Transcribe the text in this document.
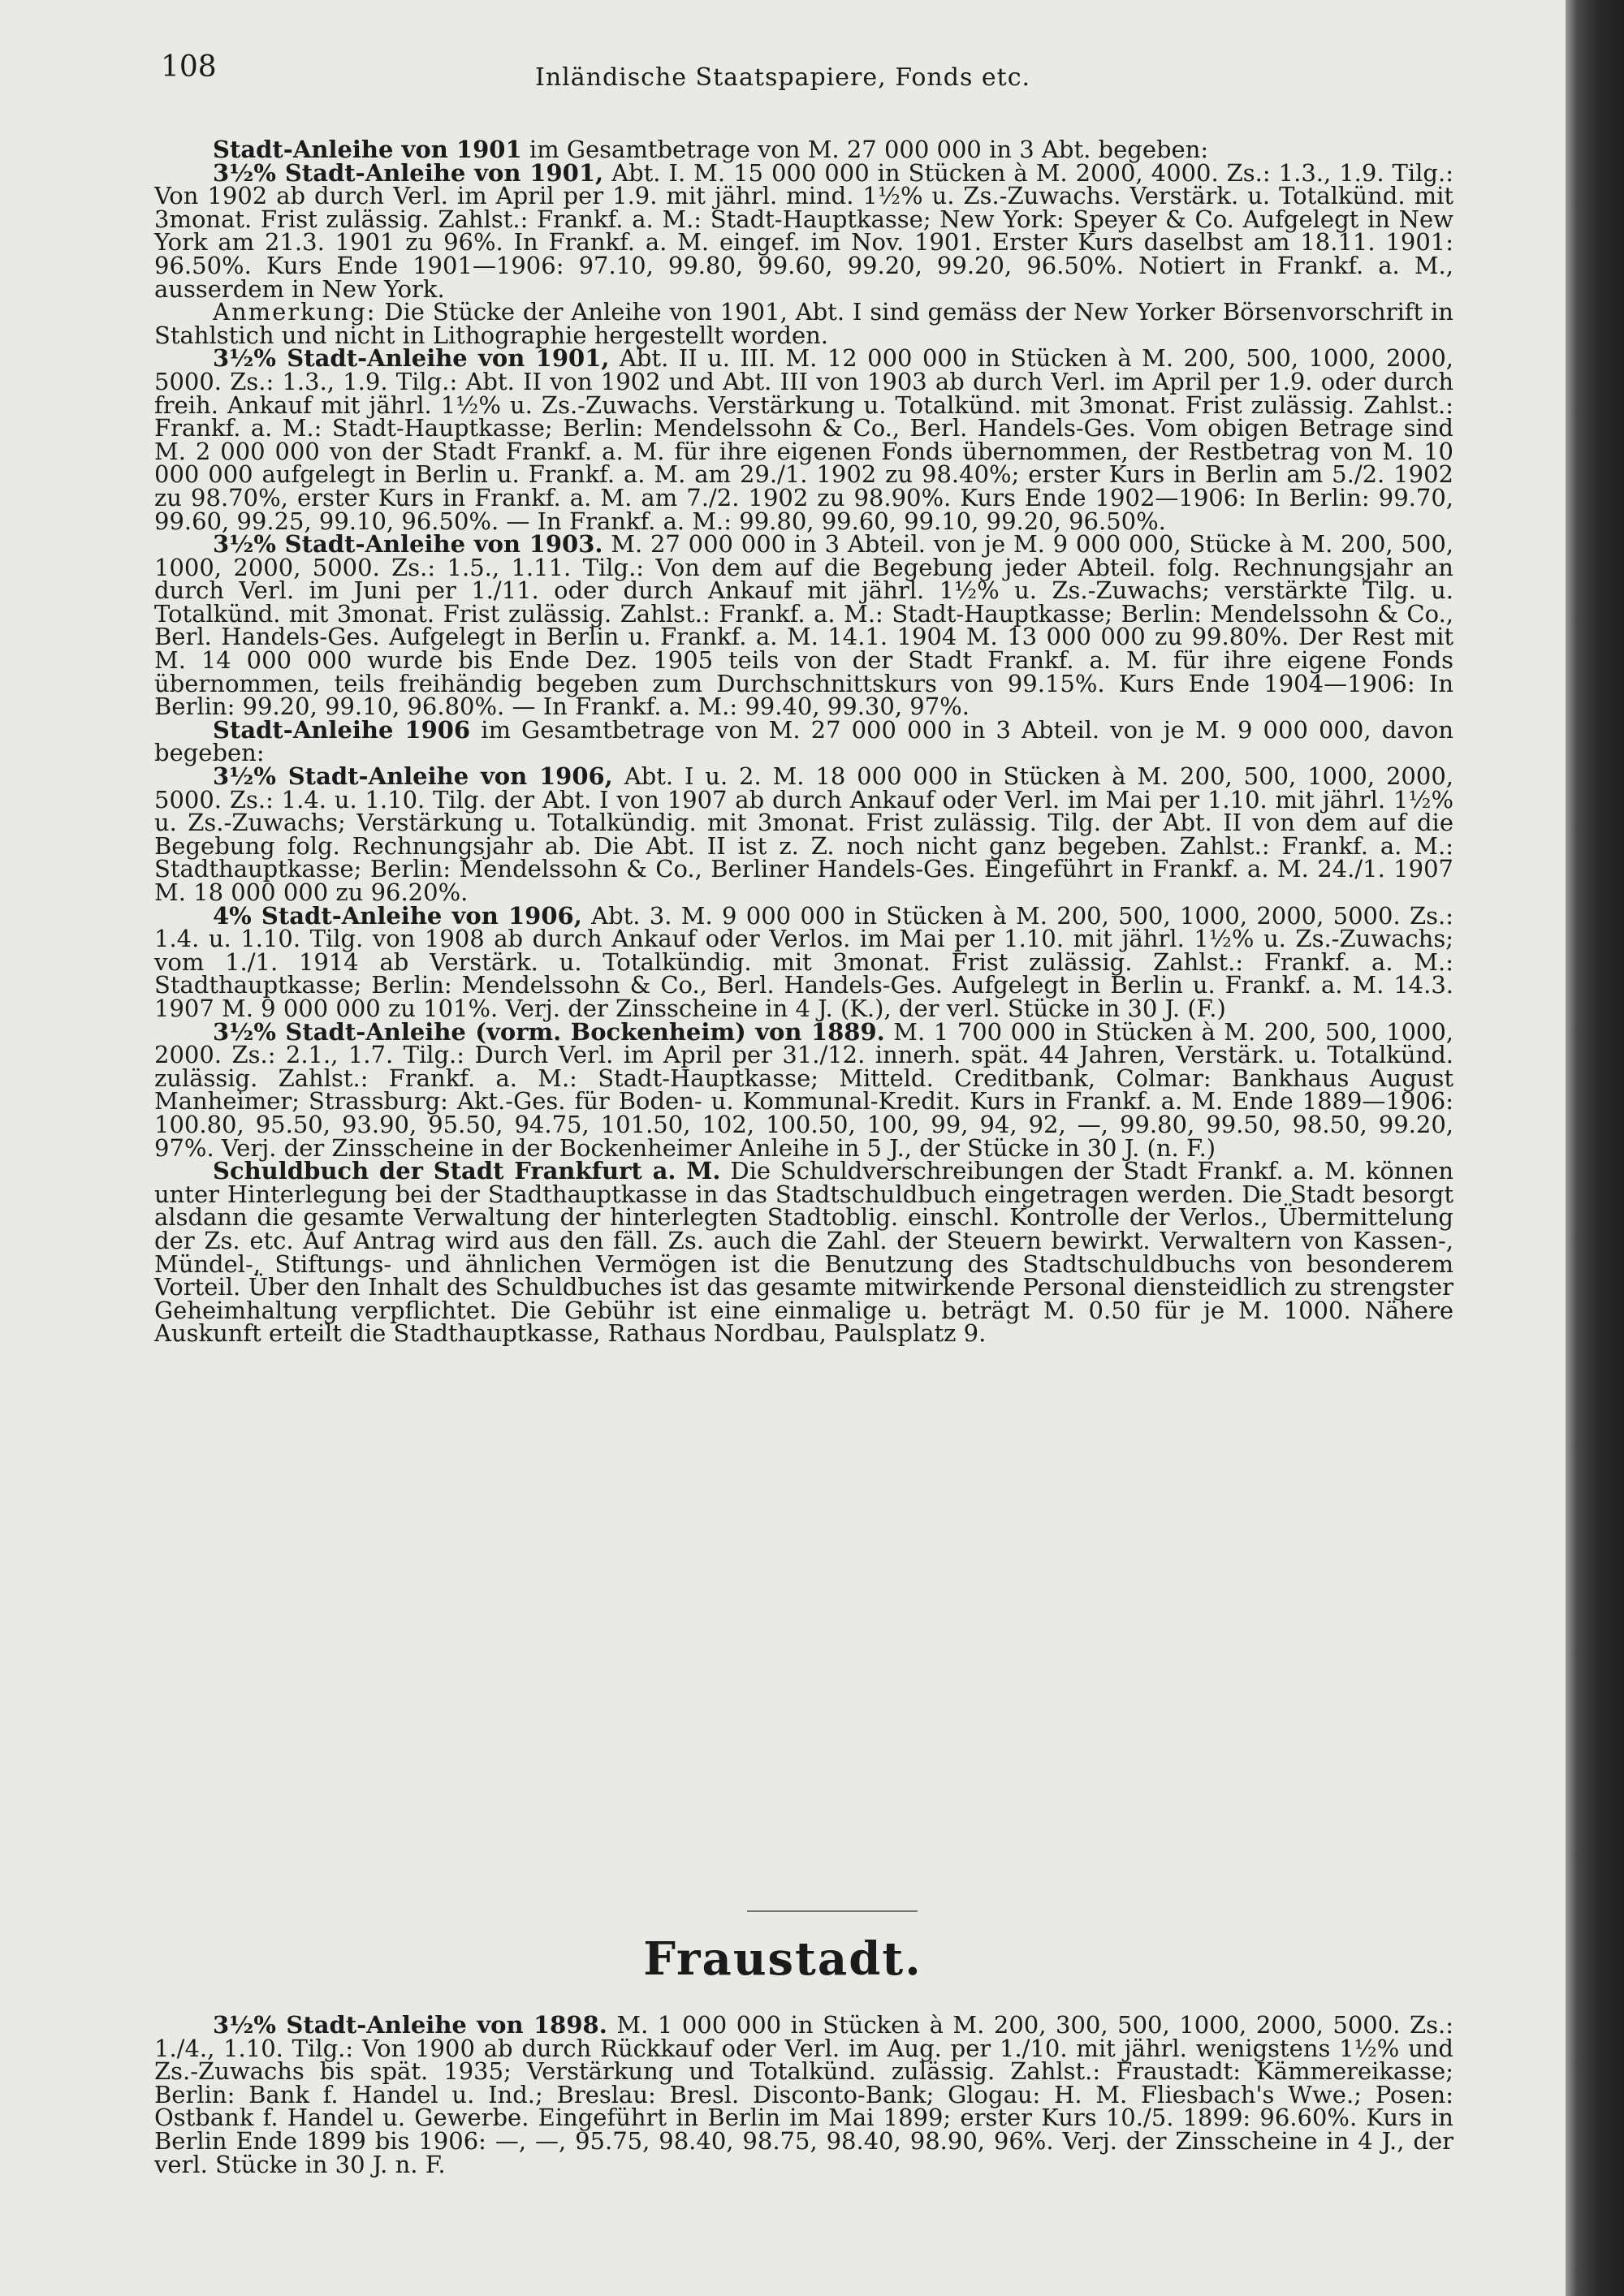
108	Inländische Staatspapiere, Fonds etc.

Stadt-Anleihe von 1901 im Gesamtbetrage von M. 27 000 000 in 3 Abt. begeben:

3½% Stadt-Anleihe von 1901, Abt. I. M. 15 000 000 in Stücken à M. 2000, 4000. Zs.: 1.3., 1.9. Tilg.: Von 1902 ab durch Verl. im April per 1.9. mit jährl. mind. 1½% u. Zs.-Zuwachs. Verstärk. u. Totalkünd. mit 3monat. Frist zulässig. Zahlst.: Frankf. a. M.: Stadt-Hauptkasse; New York: Speyer & Co. Aufgelegt in New York am 21.3. 1901 zu 96%. In Frankf. a. M. eingef. im Nov. 1901. Erster Kurs daselbst am 18.11. 1901: 96.50%. Kurs Ende 1901—1906: 97.10, 99.80, 99.60, 99.20, 99.20, 96.50%. Notiert in Frankf. a. M., ausserdem in New York.

Anmerkung: Die Stücke der Anleihe von 1901, Abt. I sind gemäss der New Yorker Börsenvorschrift in Stahlstich und nicht in Lithographie hergestellt worden.

3½% Stadt-Anleihe von 1901, Abt. II u. III. M. 12 000 000 in Stücken à M. 200, 500, 1000, 2000, 5000. Zs.: 1.3., 1.9. Tilg.: Abt. II von 1902 und Abt. III von 1903 ab durch Verl. im April per 1.9. oder durch freih. Ankauf mit jährl. 1½% u. Zs.-Zuwachs. Verstärkung u. Totalkünd. mit 3monat. Frist zulässig. Zahlst.: Frankf. a. M.: Stadt-Hauptkasse; Berlin: Mendelssohn & Co., Berl. Handels-Ges. Vom obigen Betrage sind M. 2 000 000 von der Stadt Frankf. a. M. für ihre eigenen Fonds übernommen, der Restbetrag von M. 10 000 000 aufgelegt in Berlin u. Frankf. a. M. am 29./1. 1902 zu 98.40%; erster Kurs in Berlin am 5./2. 1902 zu 98.70%, erster Kurs in Frankf. a. M. am 7./2. 1902 zu 98.90%. Kurs Ende 1902—1906: In Berlin: 99.70, 99.60, 99.25, 99.10, 96.50%. — In Frankf. a. M.: 99.80, 99.60, 99.10, 99.20, 96.50%.

3½% Stadt-Anleihe von 1903. M. 27 000 000 in 3 Abteil. von je M. 9 000 000, Stücke à M. 200, 500, 1000, 2000, 5000. Zs.: 1.5., 1.11. Tilg.: Von dem auf die Begebung jeder Abteil. folg. Rechnungsjahr an durch Verl. im Juni per 1./11. oder durch Ankauf mit jährl. 1½% u. Zs.-Zuwachs; verstärkte Tilg. u. Totalkünd. mit 3monat. Frist zulässig. Zahlst.: Frankf. a. M.: Stadt-Hauptkasse; Berlin: Mendelssohn & Co., Berl. Handels-Ges. Aufgelegt in Berlin u. Frankf. a. M. 14.1. 1904 M. 13 000 000 zu 99.80%. Der Rest mit M. 14 000 000 wurde bis Ende Dez. 1905 teils von der Stadt Frankf. a. M. für ihre eigene Fonds übernommen, teils freihändig begeben zum Durchschnittskurs von 99.15%. Kurs Ende 1904—1906: In Berlin: 99.20, 99.10, 96.80%. — In Frankf. a. M.: 99.40, 99.30, 97%.

Stadt-Anleihe 1906 im Gesamtbetrage von M. 27 000 000 in 3 Abteil. von je M. 9 000 000, davon begeben:

3½% Stadt-Anleihe von 1906, Abt. I u. 2. M. 18 000 000 in Stücken à M. 200, 500, 1000, 2000, 5000. Zs.: 1.4. u. 1.10. Tilg. der Abt. I von 1907 ab durch Ankauf oder Verl. im Mai per 1.10. mit jährl. 1½% u. Zs.-Zuwachs; Verstärkung u. Totalkündig. mit 3monat. Frist zulässig. Tilg. der Abt. II von dem auf die Begebung folg. Rechnungsjahr ab. Die Abt. II ist z. Z. noch nicht ganz begeben. Zahlst.: Frankf. a. M.: Stadthauptkasse; Berlin: Mendelssohn & Co., Berliner Handels-Ges. Eingeführt in Frankf. a. M. 24./1. 1907 M. 18 000 000 zu 96.20%.

4% Stadt-Anleihe von 1906, Abt. 3. M. 9 000 000 in Stücken à M. 200, 500, 1000, 2000, 5000. Zs.: 1.4. u. 1.10. Tilg. von 1908 ab durch Ankauf oder Verlos. im Mai per 1.10. mit jährl. 1½% u. Zs.-Zuwachs; vom 1./1. 1914 ab Verstärk. u. Totalkündig. mit 3monat. Frist zulässig. Zahlst.: Frankf. a. M.: Stadthauptkasse; Berlin: Mendelssohn & Co., Berl. Handels-Ges. Aufgelegt in Berlin u. Frankf. a. M. 14.3. 1907 M. 9 000 000 zu 101%. Verj. der Zinsscheine in 4 J. (K.), der verl. Stücke in 30 J. (F.)

3½% Stadt-Anleihe (vorm. Bockenheim) von 1889. M. 1 700 000 in Stücken à M. 200, 500, 1000, 2000. Zs.: 2.1., 1.7. Tilg.: Durch Verl. im April per 31./12. innerh. spät. 44 Jahren, Verstärk. u. Totalkünd. zulässig. Zahlst.: Frankf. a. M.: Stadt-Hauptkasse; Mitteld. Creditbank, Colmar: Bankhaus August Manheimer; Strassburg: Akt.-Ges. für Boden- u. Kommunal-Kredit. Kurs in Frankf. a. M. Ende 1889—1906: 100.80, 95.50, 93.90, 95.50, 94.75, 101.50, 102, 100.50, 100, 99, 94, 92, —, 99.80, 99.50, 98.50, 99.20, 97%. Verj. der Zinsscheine in der Bockenheimer Anleihe in 5 J., der Stücke in 30 J. (n. F.)

Schuldbuch der Stadt Frankfurt a. M. Die Schuldverschreibungen der Stadt Frankf. a. M. können unter Hinterlegung bei der Stadthauptkasse in das Stadtschuldbuch eingetragen werden. Die Stadt besorgt alsdann die gesamte Verwaltung der hinterlegten Stadtoblig. einschl. Kontrolle der Verlos., Übermittelung der Zs. etc. Auf Antrag wird aus den fäll. Zs. auch die Zahl. der Steuern bewirkt. Verwaltern von Kassen-, Mündel-, Stiftungs- und ähnlichen Vermögen ist die Benutzung des Stadtschuldbuchs von besonderem Vorteil. Über den Inhalt des Schuldbuches ist das gesamte mitwirkende Personal diensteidlich zu strengster Geheimhaltung verpflichtet. Die Gebühr ist eine einmalige u. beträgt M. 0.50 für je M. 1000. Nähere Auskunft erteilt die Stadthauptkasse, Rathaus Nordbau, Paulsplatz 9.

Fraustadt.

3½% Stadt-Anleihe von 1898. M. 1 000 000 in Stücken à M. 200, 300, 500, 1000, 2000, 5000. Zs.: 1./4., 1.10. Tilg.: Von 1900 ab durch Rückkauf oder Verl. im Aug. per 1./10. mit jährl. wenigstens 1½% und Zs.-Zuwachs bis spät. 1935; Verstärkung und Totalkünd. zulässig. Zahlst.: Fraustadt: Kämmereikasse; Berlin: Bank f. Handel u. Ind.; Breslau: Bresl. Disconto-Bank; Glogau: H. M. Fliesbach's Wwe.; Posen: Ostbank f. Handel u. Gewerbe. Eingeführt in Berlin im Mai 1899; erster Kurs 10./5. 1899: 96.60%. Kurs in Berlin Ende 1899 bis 1906: —, —, 95.75, 98.40, 98.75, 98.40, 98.90, 96%. Verj. der Zinsscheine in 4 J., der verl. Stücke in 30 J. n. F.
